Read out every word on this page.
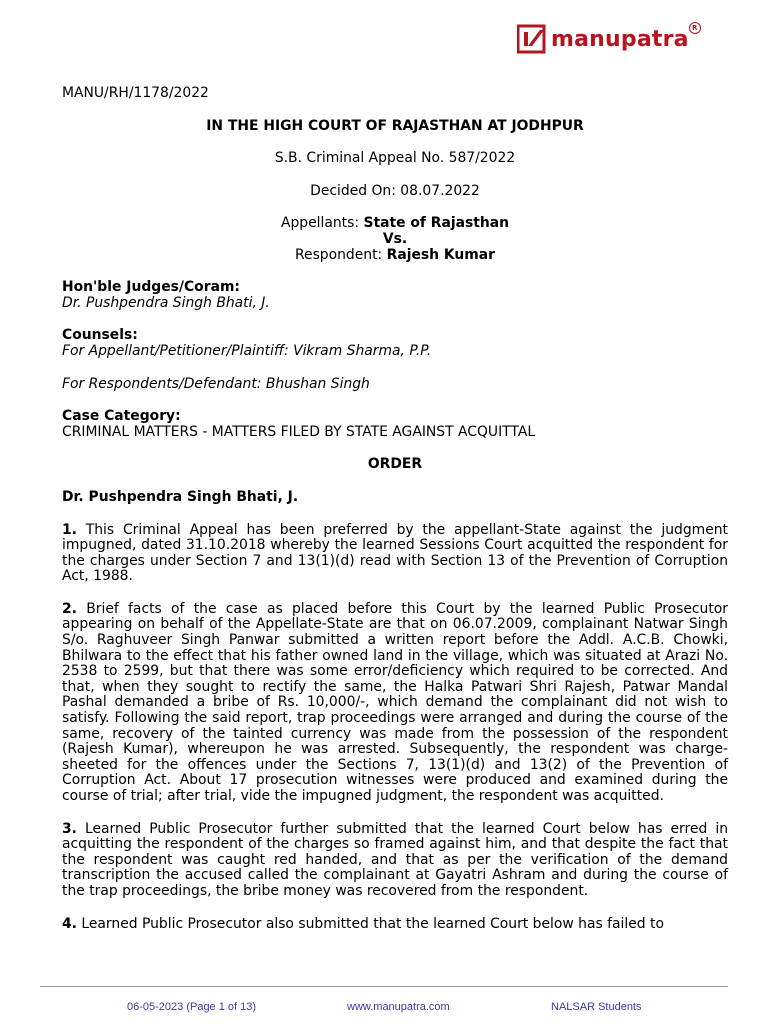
manupatra R

MANU/RH/1178/2022

IN THE HIGH COURT OF RAJASTHAN AT JODHPUR

S.B. Criminal Appeal No. 587/2022

Decided On: 08.07.2022

Appellants: State of Rajasthan

Vs.

Respondent: Rajesh Kumar

Hon'ble Judges/Coram:

Dr. Pushpendra Singh Bhati, J.

Counsels:

For Appellant/Petitioner/Plaintiff: Vikram Sharma, P.P.

For Respondents/Defendant: Bhushan Singh

Case Category:

CRIMINAL MATTERS - MATTERS FILED BY STATE AGAINST ACQUITTAL

ORDER

Dr. Pushpendra Singh Bhati, J.

1. This Criminal Appeal has been preferred by the appellant-State against the judgment impugned, dated 31.10.2018 whereby the learned Sessions Court acquitted the respondent for the charges under Section 7 and 13(1)(d) read with Section 13 of the Prevention of Corruption Act, 1988.

2. Brief facts of the case as placed before this Court by the learned Public Prosecutor appearing on behalf of the Appellate-State are that on 06.07.2009, complainant Natwar Singh S/o. Raghuveer Singh Panwar submitted a written report before the Addl. A.C.B. Chowki, Bhilwara to the effect that his father owned land in the village, which was situated at Arazi No. 2538 to 2599, but that there was some error/deficiency which required to be corrected. And that, when they sought to rectify the same, the Halka Patwari Shri Rajesh, Patwar Mandal Pashal demanded a bribe of Rs. 10,000/-, which demand the complainant did not wish to satisfy. Following the said report, trap proceedings were arranged and during the course of the same, recovery of the tainted currency was made from the possession of the respondent (Rajesh Kumar), whereupon he was arrested. Subsequently, the respondent was charge-sheeted for the offences under the Sections 7, 13(1)(d) and 13(2) of the Prevention of Corruption Act. About 17 prosecution witnesses were produced and examined during the course of trial; after trial, vide the impugned judgment, the respondent was acquitted.

3. Learned Public Prosecutor further submitted that the learned Court below has erred in acquitting the respondent of the charges so framed against him, and that despite the fact that the respondent was caught red handed, and that as per the verification of the demand transcription the accused called the complainant at Gayatri Ashram and during the course of the trap proceedings, the bribe money was recovered from the respondent.

4. Learned Public Prosecutor also submitted that the learned Court below has failed to

06-05-2023 (Page 1 of 13)	www.manupatra.com	NALSAR Students
